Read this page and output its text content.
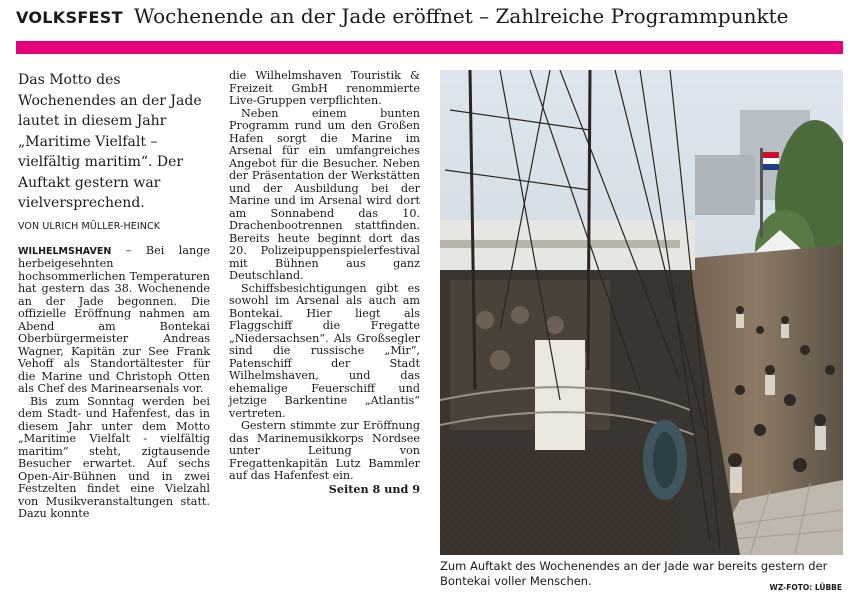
VOLKSFEST Wochenende an der Jade eröffnet – Zahlreiche Programmpunkte

Das Motto des Wochenendes an der Jade lautet in diesem Jahr „Maritime Vielfalt – vielfältig maritim“. Der Auftakt gestern war vielversprechend.

VON ULRICH MÜLLER-HEINCK

WILHELMSHAVEN – Bei lange herbeigesehnten hochsommerlichen Temperaturen hat gestern das 38. Wochenende an der Jade begonnen. Die offizielle Eröffnung nahmen am Abend am Bontekai Oberbürgermeister Andreas Wagner, Kapitän zur See Frank Vehoff als Standortältester für die Marine und Christoph Otten als Chef des Marinearsenals vor.

Bis zum Sonntag werden bei dem Stadt- und Hafenfest, das in diesem Jahr unter dem Motto „Maritime Vielfalt - vielfältig maritim“ steht, zigtausende Besucher erwartet. Auf sechs Open-Air-Bühnen und in zwei Festzelten findet eine Vielzahl von Musikveranstaltungen statt. Dazu konnte

die Wilhelmshaven Touristik & Freizeit GmbH renommierte Live-Gruppen verpflichten.

Neben einem bunten Programm rund um den Großen Hafen sorgt die Marine im Arsenal für ein umfangreiches Angebot für die Besucher. Neben der Präsentation der Werkstätten und der Ausbildung bei der Marine und im Arsenal wird dort am Sonnabend das 10. Drachenbootrennen stattfinden. Bereits heute beginnt dort das 20. Polizeipuppenspielerfestival mit Bühnen aus ganz Deutschland.

Schiffsbesichtigungen gibt es sowohl im Arsenal als auch am Bontekai. Hier liegt als Flaggschiff die Fregatte „Niedersachsen“. Als Großsegler sind die russische „Mir“, Patenschiff der Stadt Wilhelmshaven, und das ehemalige Feuerschiff und jetzige Barkentine „Atlantis“ vertreten.

Gestern stimmte zur Eröffnung das Marinemusikkorps Nordsee unter Leitung von Fregattenkapitän Lutz Bammler auf das Hafenfest ein.
Seiten 8 und 9

Zum Auftakt des Wochenendes an der Jade war bereits gestern der Bontekai voller Menschen.	WZ-FOTO: LÜBBE
